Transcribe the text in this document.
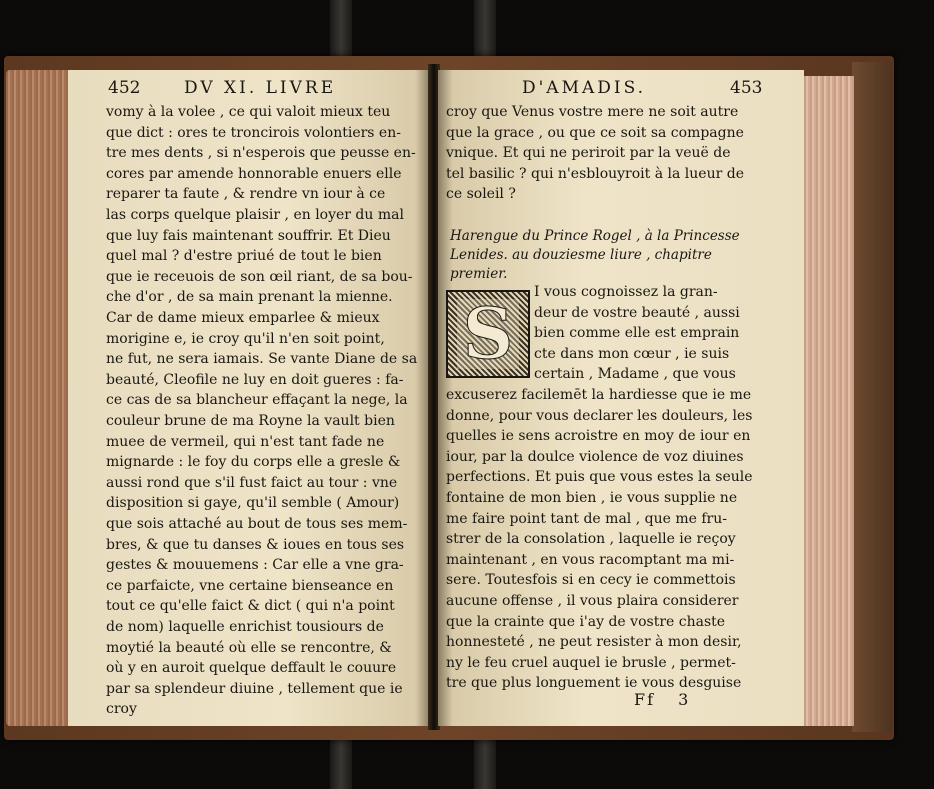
452	DV XI. LIVRE
vomy à la volee , ce qui valoit mieux teu
que dict : ores te troncirois volontiers en-
tre mes dents , si n'esperois que peusse en-
cores par amende honnorable enuers elle
reparer ta faute , & rendre vn iour à ce
las corps quelque plaisir , en loyer du mal
que luy fais maintenant souffrir. Et Dieu
quel mal ? d'estre priué de tout le bien
que ie receuois de son œil riant, de sa bou-
che d'or , de sa main prenant la mienne.
Car de dame mieux emparlee & mieux
morigine e, ie croy qu'il n'en soit point,
ne fut, ne sera iamais. Se vante Diane de sa
beauté, Cleofile ne luy en doit gueres : fa-
ce cas de sa blancheur effaçant la nege, la
couleur brune de ma Royne la vault bien
muee de vermeil, qui n'est tant fade ne
mignarde : le foy du corps elle a gresle &
aussi rond que s'il fust faict au tour : vne
disposition si gaye, qu'il semble ( Amour)
que sois attaché au bout de tous ses mem-
bres, & que tu danses & ioues en tous ses
gestes & mouuemens : Car elle a vne gra-
ce parfaicte, vne certaine bienseance en
tout ce qu'elle faict & dict ( qui n'a point
de nom) laquelle enrichist tousiours de
moytié la beauté où elle se rencontre, &
où y en auroit quelque deffault le couure
par sa splendeur diuine , tellement que ie
croy
D'AMADIS.	453
croy que Venus vostre mere ne soit autre
que la grace , ou que ce soit sa compagne
vnique. Et qui ne periroit par la veuë de
tel basilic ? qui n'esblouyroit à la lueur de
ce soleil ?
Harengue du Prince Rogel , à la Princesse
Lenides. au douziesme liure , chapitre
premier.
S	I vous cognoissez la gran-
deur de vostre beauté , aussi
bien comme elle est emprain
cte dans mon cœur , ie suis
certain , Madame , que vous
excuserez facilemēt la hardiesse que ie me
donne, pour vous declarer les douleurs, les
quelles ie sens acroistre en moy de iour en
iour, par la doulce violence de voz diuines
perfections. Et puis que vous estes la seule
fontaine de mon bien , ie vous supplie ne
me faire point tant de mal , que me fru-
strer de la consolation , laquelle ie reçoy
maintenant , en vous racomptant ma mi-
sere. Toutesfois si en cecy ie commettois
aucune offense , il vous plaira considerer
que la crainte que i'ay de vostre chaste
honnesteté , ne peut resister à mon desir,
ny le feu cruel auquel ie brusle , permet-
tre que plus longuement ie vous desguise
Ff 3
